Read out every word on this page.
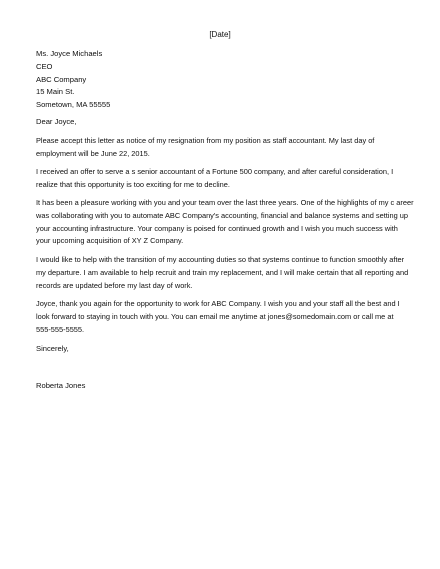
[Date]
Ms. Joyce Michaels
CEO
ABC Company
15 Main St.
Sometown, MA 55555
Dear Joyce,

Please accept this letter as notice of my resignation from my position as staff accountant. My last day of
employment will be June 22, 2015.

I received an offer to serve a s senior accountant of a Fortune 500 company, and after careful consideration, I
realize that this opportunity is too exciting for me to decline.

It has been a pleasure working with you and your team over the last three years. One of the highlights of my c areer
was collaborating with you to automate ABC Company's accounting, financial and balance systems and setting up
your accounting infrastructure. Your company is poised for continued growth and I wish you much success with
your upcoming acquisition of XY Z Company.

I would like to help with the transition of my accounting duties so that systems continue to function smoothly after
my departure. I am available to help recruit and train my replacement, and I will make certain that all reporting and
records are updated before my last day of work.

Joyce, thank you again for the opportunity to work for ABC Company. I wish you and your staff all the best and I
look forward to staying in touch with you. You can email me anytime at jones@somedomain.com or call me at
555-555-5555.

Sincerely,
Roberta Jones
